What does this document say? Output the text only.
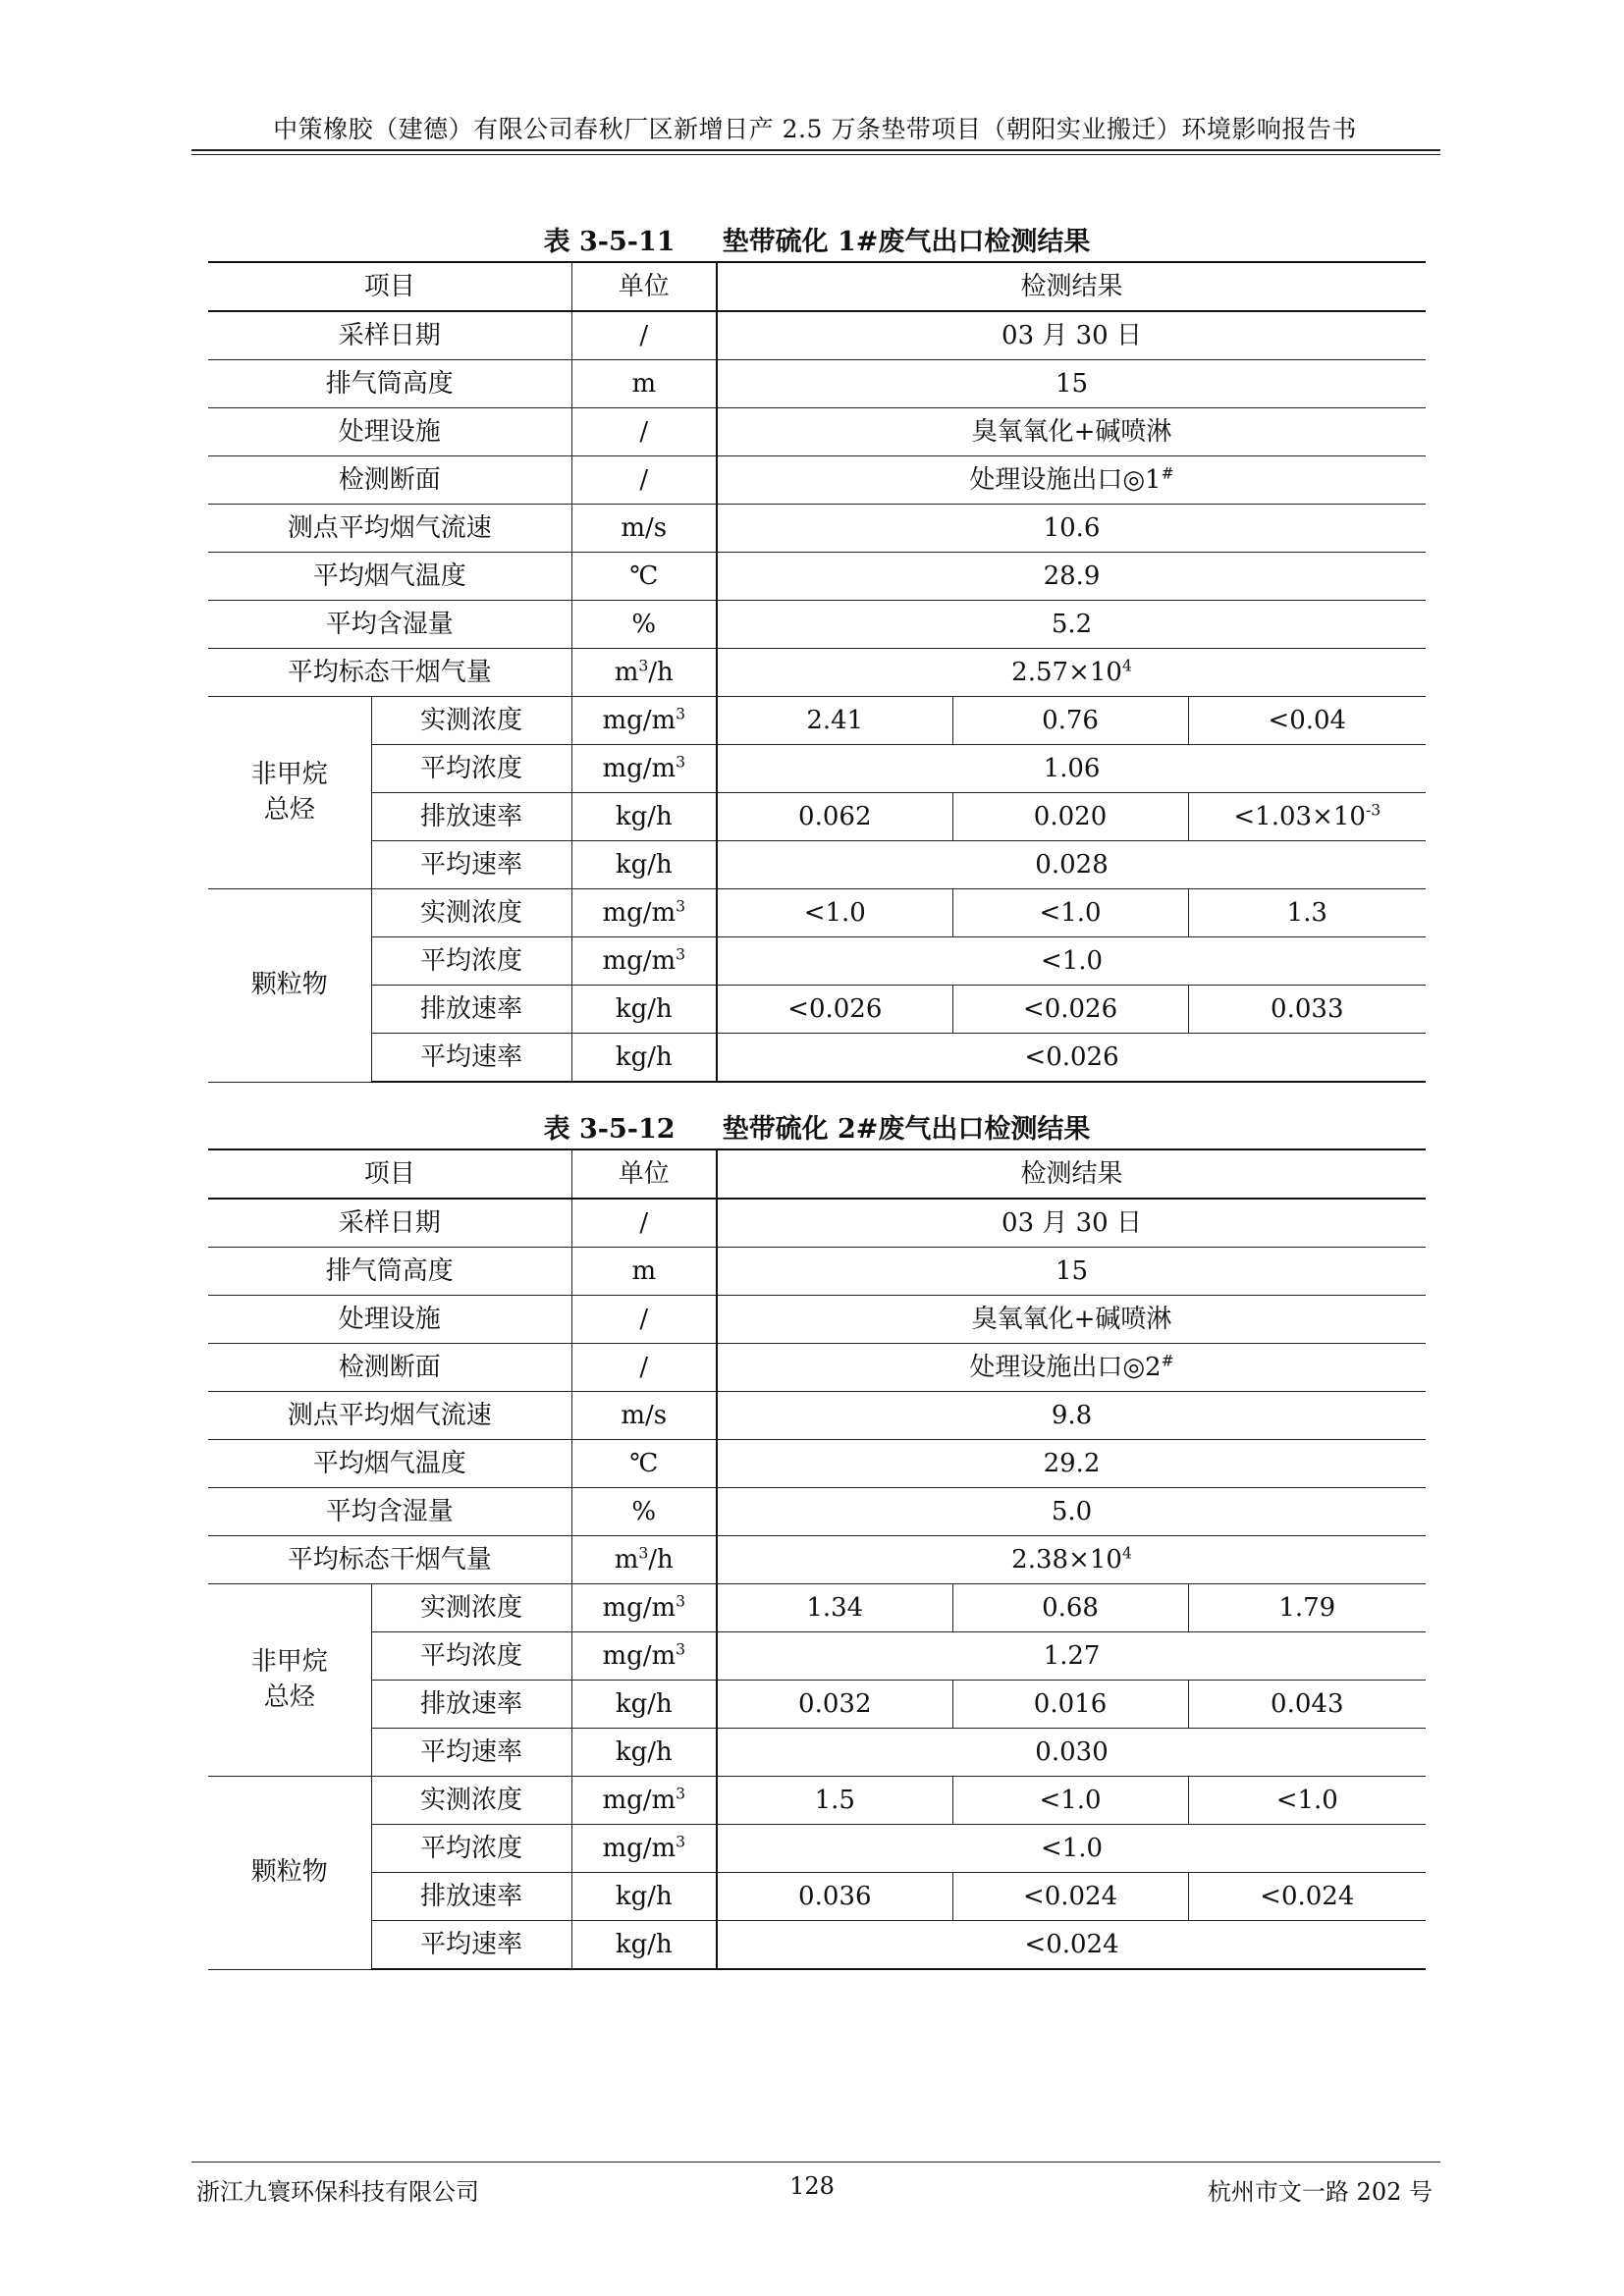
中策橡胶（建德）有限公司春秋厂区新增日产 2.5 万条垫带项目（朝阳实业搬迁）环境影响报告书
表 3-5-11 垫带硫化 1#废气出口检测结果
项目		单位	检测结果		
采样日期		/	03 月 30 日		
排气筒高度		m	15		
处理设施		/	臭氧氧化+碱喷淋		
检测断面		/	处理设施出口◎1#
测点平均烟气流速		m/s	10.6		
平均烟气温度		℃	28.9		
平均含湿量		%	5.2		
平均标态干烟气量		$m^3/h$	$2.57\times 10^4$
非甲烷
总烃	实测浓度	$mg/m^3$	2.41	0.76	<0.04
	平均浓度	$mg/m^3$	1.06		
	排放速率	kg/h	0.062	0.020	$<1.03\times 10^{-3}$
	平均速率	kg/h	0.028		
颗粒物	实测浓度	$mg/m^3$	<1.0	<1.0	1.3
	平均浓度	$mg/m^3$	<1.0		
	排放速率	kg/h	<0.026	<0.026	0.033
	平均速率	kg/h	<0.026		
表 3-5-12 垫带硫化 2#废气出口检测结果
项目		单位	检测结果		
采样日期		/	03 月 30 日		
排气筒高度		m	15		
处理设施		/	臭氧氧化+碱喷淋		
检测断面		/	处理设施出口◎2#
测点平均烟气流速		m/s	9.8		
平均烟气温度		℃	29.2		
平均含湿量		%	5.0		
平均标态干烟气量		$m^3/h$	$2.38\times 10^4$
非甲烷
总烃	实测浓度	$mg/m^3$	1.34	0.68	1.79
	平均浓度	$mg/m^3$	1.27		
	排放速率	kg/h	0.032	0.016	0.043
	平均速率	kg/h	0.030		
颗粒物	实测浓度	$mg/m^3$	1.5	<1.0	<1.0
	平均浓度	$mg/m^3$	<1.0		
	排放速率	kg/h	0.036	<0.024	<0.024
	平均速率	kg/h	<0.024		
浙江九寰环保科技有限公司	128	杭州市文一路 202 号
